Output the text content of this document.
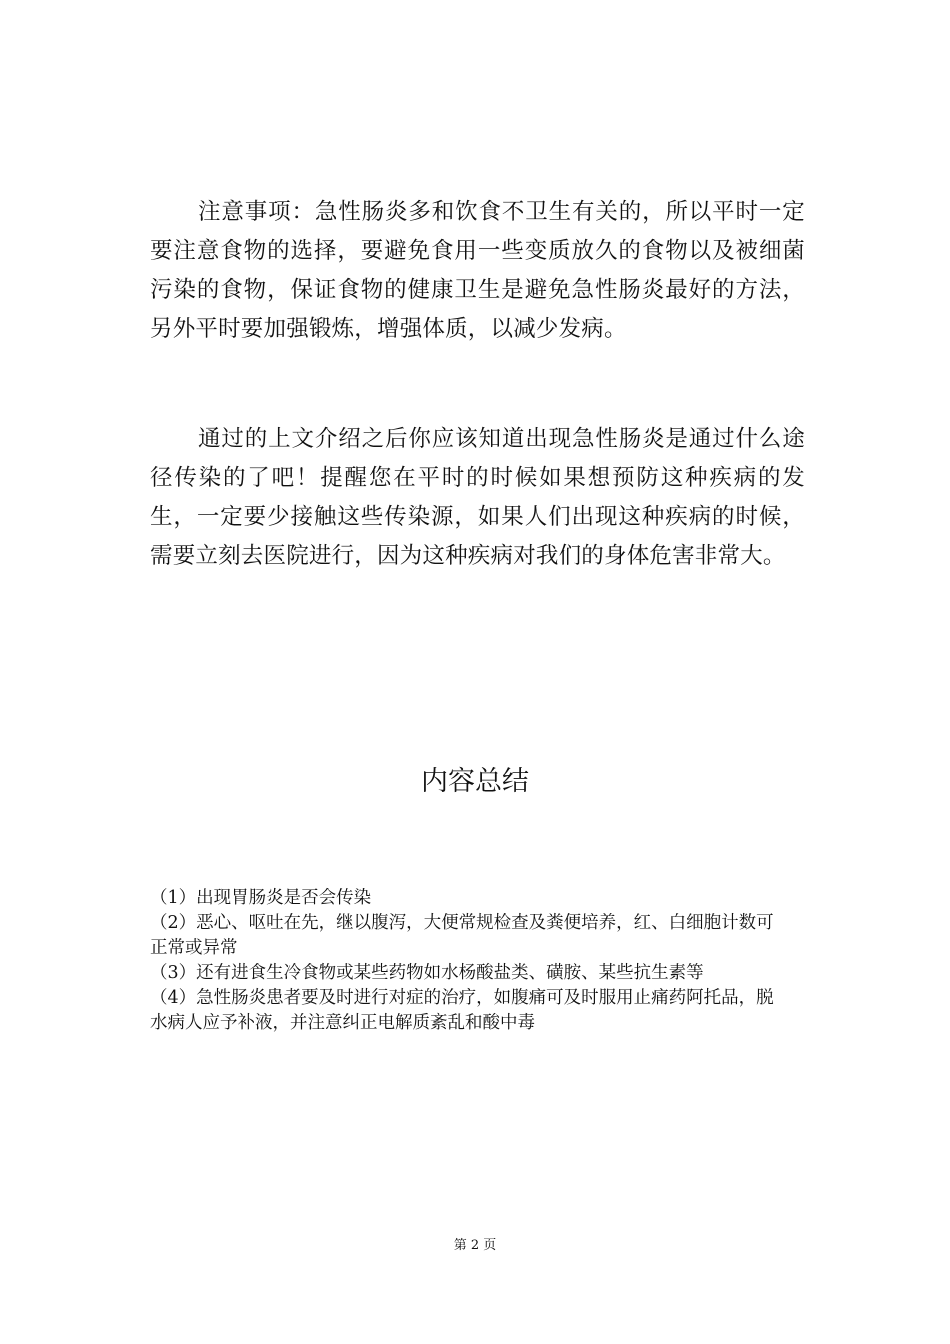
注意事项：急性肠炎多和饮食不卫生有关的，所以平时一定要注意食物的选择，要避免食用一些变质放久的食物以及被细菌污染的食物，保证食物的健康卫生是避免急性肠炎最好的方法，另外平时要加强锻炼，增强体质，以减少发病。

通过的上文介绍之后你应该知道出现急性肠炎是通过什么途径传染的了吧！提醒您在平时的时候如果想预防这种疾病的发生，一定要少接触这些传染源，如果人们出现这种疾病的时候，需要立刻去医院进行，因为这种疾病对我们的身体危害非常大。

内容总结
（1）出现胃肠炎是否会传染
（2）恶心、呕吐在先，继以腹泻，大便常规检查及粪便培养，红、白细胞计数可正常或异常
（3）还有进食生冷食物或某些药物如水杨酸盐类、磺胺、某些抗生素等
（4）急性肠炎患者要及时进行对症的治疗，如腹痛可及时服用止痛药阿托品，脱水病人应予补液，并注意纠正电解质紊乱和酸中毒
第 2 页
